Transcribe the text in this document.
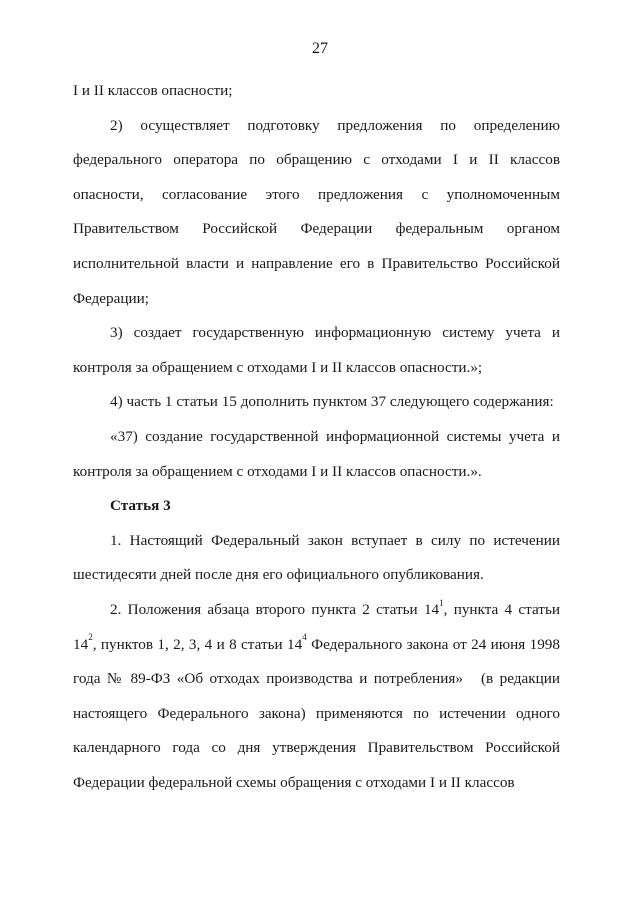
27

I и II классов опасности;

2) осуществляет подготовку предложения по определению федерального оператора по обращению с отходами I и II классов опасности, согласование этого предложения с уполномоченным Правительством Российской Федерации федеральным органом исполнительной власти и направление его в Правительство Российской Федерации;

3) создает государственную информационную систему учета и контроля за обращением с отходами I и II классов опасности.»;

4) часть 1 статьи 15 дополнить пунктом 37 следующего содержания:

«37) создание государственной информационной системы учета и контроля за обращением с отходами I и II классов опасности.».

Статья 3

1. Настоящий Федеральный закон вступает в силу по истечении шестидесяти дней после дня его официального опубликования.

2. Положения абзаца второго пункта 2 статьи $14^1$, пункта 4 статьи $14^2$, пунктов 1, 2, 3, 4 и 8 статьи $14^4$ Федерального закона от 24 июня 1998 года № 89-ФЗ «Об отходах производства и потребления» (в редакции настоящего Федерального закона) применяются по истечении одного календарного года со дня утверждения Правительством Российской Федерации федеральной схемы обращения с отходами I и II классов
